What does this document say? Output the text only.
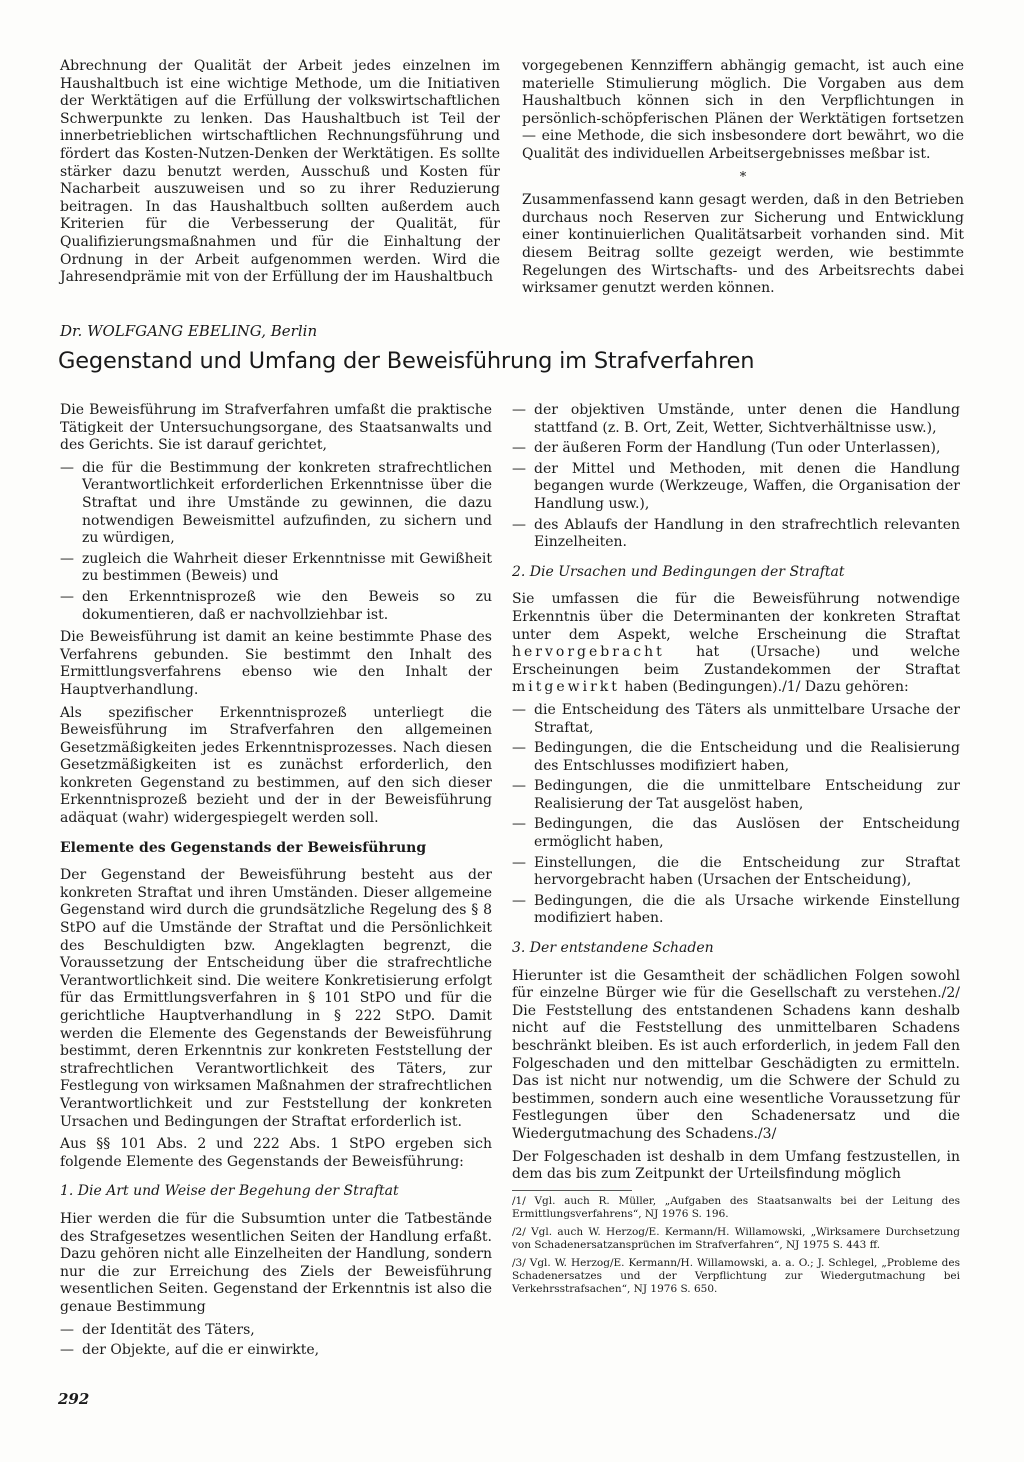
Abrechnung der Qualität der Arbeit jedes einzelnen im Haushaltbuch ist eine wichtige Methode, um die Initiativen der Werktätigen auf die Erfüllung der volkswirtschaftlichen Schwerpunkte zu lenken. Das Haushaltbuch ist Teil der innerbetrieblichen wirtschaftlichen Rechnungsführung und fördert das Kosten-Nutzen-Denken der Werktätigen. Es sollte stärker dazu benutzt werden, Ausschuß und Kosten für Nacharbeit auszuweisen und so zu ihrer Reduzierung beitragen. In das Haushaltbuch sollten außerdem auch Kriterien für die Verbesserung der Qualität, für Qualifizierungsmaßnahmen und für die Einhaltung der Ordnung in der Arbeit aufgenommen werden. Wird die Jahresendprämie mit von der Erfüllung der im Haushaltbuch

vorgegebenen Kennziffern abhängig gemacht, ist auch eine materielle Stimulierung möglich. Die Vorgaben aus dem Haushaltbuch können sich in den Verpflichtungen in persönlich-schöpferischen Plänen der Werktätigen fortsetzen — eine Methode, die sich insbesondere dort bewährt, wo die Qualität des individuellen Arbeitsergebnisses meßbar ist.

*

Zusammenfassend kann gesagt werden, daß in den Betrieben durchaus noch Reserven zur Sicherung und Entwicklung einer kontinuierlichen Qualitätsarbeit vorhanden sind. Mit diesem Beitrag sollte gezeigt werden, wie bestimmte Regelungen des Wirtschafts- und des Arbeitsrechts dabei wirksamer genutzt werden können.

Dr. WOLFGANG EBELING, Berlin
Gegenstand und Umfang der Beweisführung im Strafverfahren

Die Beweisführung im Strafverfahren umfaßt die praktische Tätigkeit der Untersuchungsorgane, des Staatsanwalts und des Gerichts. Sie ist darauf gerichtet,

— die für die Bestimmung der konkreten strafrechtlichen Verantwortlichkeit erforderlichen Erkenntnisse über die Straftat und ihre Umstände zu gewinnen, die dazu notwendigen Beweismittel aufzufinden, zu sichern und zu würdigen,
— zugleich die Wahrheit dieser Erkenntnisse mit Gewißheit zu bestimmen (Beweis) und
— den Erkenntnisprozeß wie den Beweis so zu dokumentieren, daß er nachvollziehbar ist.

Die Beweisführung ist damit an keine bestimmte Phase des Verfahrens gebunden. Sie bestimmt den Inhalt des Ermittlungsverfahrens ebenso wie den Inhalt der Hauptverhandlung.

Als spezifischer Erkenntnisprozeß unterliegt die Beweisführung im Strafverfahren den allgemeinen Gesetzmäßigkeiten jedes Erkenntnisprozesses. Nach diesen Gesetzmäßigkeiten ist es zunächst erforderlich, den konkreten Gegenstand zu bestimmen, auf den sich dieser Erkenntnisprozeß bezieht und der in der Beweisführung adäquat (wahr) widergespiegelt werden soll.

Elemente des Gegenstands der Beweisführung

Der Gegenstand der Beweisführung besteht aus der konkreten Straftat und ihren Umständen. Dieser allgemeine Gegenstand wird durch die grundsätzliche Regelung des § 8 StPO auf die Umstände der Straftat und die Persönlichkeit des Beschuldigten bzw. Angeklagten begrenzt, die Voraussetzung der Entscheidung über die strafrechtliche Verantwortlichkeit sind. Die weitere Konkretisierung erfolgt für das Ermittlungsverfahren in § 101 StPO und für die gerichtliche Hauptverhandlung in § 222 StPO. Damit werden die Elemente des Gegenstands der Beweisführung bestimmt, deren Erkenntnis zur konkreten Feststellung der strafrechtlichen Verantwortlichkeit des Täters, zur Festlegung von wirksamen Maßnahmen der strafrechtlichen Verantwortlichkeit und zur Feststellung der konkreten Ursachen und Bedingungen der Straftat erforderlich ist.

Aus §§ 101 Abs. 2 und 222 Abs. 1 StPO ergeben sich folgende Elemente des Gegenstands der Beweisführung:

1. Die Art und Weise der Begehung der Straftat

Hier werden die für die Subsumtion unter die Tatbestände des Strafgesetzes wesentlichen Seiten der Handlung erfaßt. Dazu gehören nicht alle Einzelheiten der Handlung, sondern nur die zur Erreichung des Ziels der Beweisführung wesentlichen Seiten. Gegenstand der Erkenntnis ist also die genaue Bestimmung

— der Identität des Täters,
— der Objekte, auf die er einwirkte,
— der objektiven Umstände, unter denen die Handlung stattfand (z. B. Ort, Zeit, Wetter, Sichtverhältnisse usw.),
— der äußeren Form der Handlung (Tun oder Unterlassen),
— der Mittel und Methoden, mit denen die Handlung begangen wurde (Werkzeuge, Waffen, die Organisation der Handlung usw.),
— des Ablaufs der Handlung in den strafrechtlich relevanten Einzelheiten.
2. Die Ursachen und Bedingungen der Straftat

Sie umfassen die für die Beweisführung notwendige Erkenntnis über die Determinanten der konkreten Straftat unter dem Aspekt, welche Erscheinung die Straftat hervorgebracht hat (Ursache) und welche Erscheinungen beim Zustandekommen der Straftat mitgewirkt haben (Bedingungen)./1/ Dazu gehören:

— die Entscheidung des Täters als unmittelbare Ursache der Straftat,
— Bedingungen, die die Entscheidung und die Realisierung des Entschlusses modifiziert haben,
— Bedingungen, die die unmittelbare Entscheidung zur Realisierung der Tat ausgelöst haben,
— Bedingungen, die das Auslösen der Entscheidung ermöglicht haben,
— Einstellungen, die die Entscheidung zur Straftat hervorgebracht haben (Ursachen der Entscheidung),
— Bedingungen, die die als Ursache wirkende Einstellung modifiziert haben.
3. Der entstandene Schaden

Hierunter ist die Gesamtheit der schädlichen Folgen sowohl für einzelne Bürger wie für die Gesellschaft zu verstehen./2/ Die Feststellung des entstandenen Schadens kann deshalb nicht auf die Feststellung des unmittelbaren Schadens beschränkt bleiben. Es ist auch erforderlich, in jedem Fall den Folgeschaden und den mittelbar Geschädigten zu ermitteln. Das ist nicht nur notwendig, um die Schwere der Schuld zu bestimmen, sondern auch eine wesentliche Voraussetzung für Festlegungen über den Schadenersatz und die Wiedergutmachung des Schadens./3/

Der Folgeschaden ist deshalb in dem Umfang festzustellen, in dem das bis zum Zeitpunkt der Urteilsfindung möglich

/1/ Vgl. auch R. Müller, „Aufgaben des Staatsanwalts bei der Leitung des Ermittlungsverfahrens“, NJ 1976 S. 196.

/2/ Vgl. auch W. Herzog/E. Kermann/H. Willamowski, „Wirksamere Durchsetzung von Schadenersatzansprüchen im Strafverfahren“, NJ 1975 S. 443 ff.

/3/ Vgl. W. Herzog/E. Kermann/H. Willamowski, a. a. O.; J. Schlegel, „Probleme des Schadenersatzes und der Verpflichtung zur Wiedergutmachung bei Verkehrsstrafsachen“, NJ 1976 S. 650.

292
